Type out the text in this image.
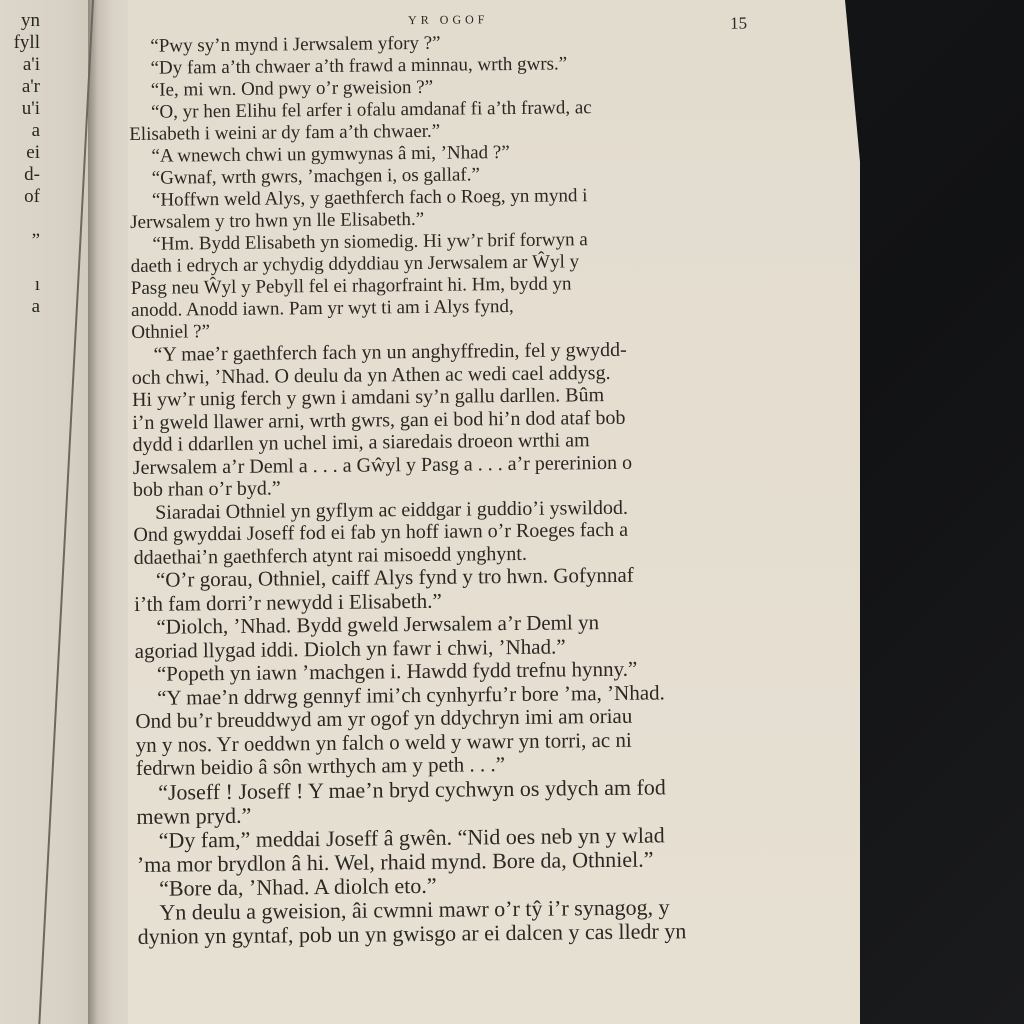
yn
fyll
a'i
a'r
u'i
a
ei
d-
of
”
ı
a
YR OGOF	15

“Pwy sy’n mynd i Jerwsalem yfory ?”

“Dy fam a’th chwaer a’th frawd a minnau, wrth gwrs.”

“Ie, mi wn. Ond pwy o’r gweision ?”

“O, yr hen Elihu fel arfer i ofalu amdanaf fi a’th frawd, ac
Elisabeth i weini ar dy fam a’th chwaer.”

“A wnewch chwi un gymwynas â mi, ’Nhad ?”

“Gwnaf, wrth gwrs, ’machgen i, os gallaf.”

“Hoffwn weld Alys, y gaethferch fach o Roeg, yn mynd i
Jerwsalem y tro hwn yn lle Elisabeth.”

“Hm. Bydd Elisabeth yn siomedig. Hi yw’r brif forwyn a
daeth i edrych ar ychydig ddyddiau yn Jerwsalem ar Ŵyl y
Pasg neu Ŵyl y Pebyll fel ei rhagorfraint hi. Hm, bydd yn
anodd. Anodd iawn. Pam yr wyt ti am i Alys fynd,
Othniel ?”

“Y mae’r gaethferch fach yn un anghyffredin, fel y gwydd-
och chwi, ’Nhad. O deulu da yn Athen ac wedi cael addysg.
Hi yw’r unig ferch y gwn i amdani sy’n gallu darllen. Bûm
i’n gweld llawer arni, wrth gwrs, gan ei bod hi’n dod ataf bob
dydd i ddarllen yn uchel imi, a siaredais droeon wrthi am
Jerwsalem a’r Deml a . . . a Gŵyl y Pasg a . . . a’r pererinion o
bob rhan o’r byd.”

Siaradai Othniel yn gyflym ac eiddgar i guddio’i yswildod.
Ond gwyddai Joseff fod ei fab yn hoff iawn o’r Roeges fach a
ddaethai’n gaethferch atynt rai misoedd ynghynt.

“O’r gorau, Othniel, caiff Alys fynd y tro hwn. Gofynnaf
i’th fam dorri’r newydd i Elisabeth.”

“Diolch, ’Nhad. Bydd gweld Jerwsalem a’r Deml yn
agoriad llygad iddi. Diolch yn fawr i chwi, ’Nhad.”

“Popeth yn iawn ’machgen i. Hawdd fydd trefnu hynny.”

“Y mae’n ddrwg gennyf imi’ch cynhyrfu’r bore ’ma, ’Nhad.
Ond bu’r breuddwyd am yr ogof yn ddychryn imi am oriau
yn y nos. Yr oeddwn yn falch o weld y wawr yn torri, ac ni
fedrwn beidio â sôn wrthych am y peth . . .”

“Joseff ! Joseff ! Y mae’n bryd cychwyn os ydych am fod
mewn pryd.”

“Dy fam,” meddai Joseff â gwên. “Nid oes neb yn y wlad
’ma mor brydlon â hi. Wel, rhaid mynd. Bore da, Othniel.”

“Bore da, ’Nhad. A diolch eto.”

Yn deulu a gweision, âi cwmni mawr o’r tŷ i’r synagog, y
dynion yn gyntaf, pob un yn gwisgo ar ei dalcen y cas lledr yn
